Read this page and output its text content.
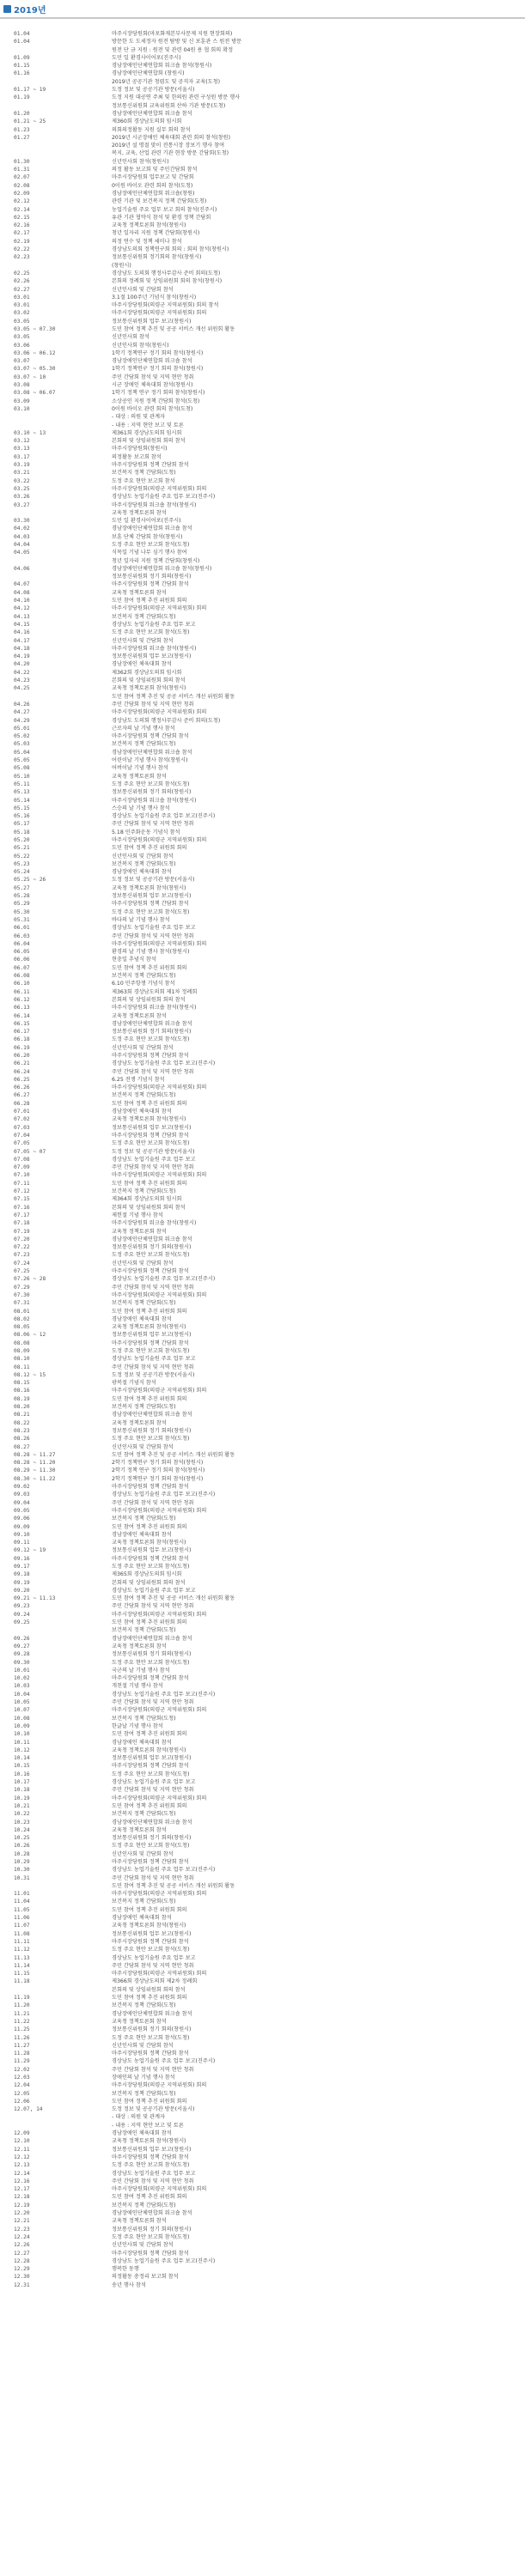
2019년
01.04	마주시장당원회(마포화재본부사문제 지원 현장회의)
01.04	방문한 도 도세정자 원전 탐방 및 신 보훈관 스 원전 방문
원전 단 금 지원 : 원전 및 관련 04원 용 협 회의 확정
01.09	도민 일 환경사이어포(진주시)
01.15	경남장애인단체연합회 워크숍 참석(창원시)
01.16	경남장애인단체연합회 (창원시)
2019년 공공기관 청렴도 및 공직자 교육(도청)
01.17 ~ 19	도정 정보 및 공공기관 방문(서울시)
01.19	도정 지원 대공연 주최 및 한의원 관련 구성원 방문 행사
정보통신위원회 교육위원회 산하 기관 방문(도청)
01.20	경남장애인단체연합회 워크숍 참석
01.21 ~ 25	제360회 경상남도의회 임시회
01.23	의회의정활동 지원 실무 회의 참석
01.27	2019년 시군장애인 체육대회 관련 회의 참석(창원)
2019년 설 명절 맞이 전통시장 장보기 행사 참여
복지, 교육, 산업 관련 기관 현장 방문 간담회(도청)
01.30	신년인사회 참석(창원시)
01.31	의정 활동 보고회 및 주민간담회 참석
02.07	마주시장당원회 업무보고 및 간담회
02.08	0이원 바이오 관련 회의 참석(도청)
02.09	경남장애인단체연합회 워크숍(창원)
02.12	관련 기관 및 보건복지 정책 간담회(도청)
02.14	농업기술원 주요 업무 보고 회의 참석(진주시)
02.15	유관 기관 협약식 참석 및 환경 정책 간담회
02.16	교육청 정책토론회 참석(창원시)
02.17	청년 일자리 지원 정책 간담회(창원시)
02.19	의정 연수 및 정책 세미나 참석
02.22	경상남도의회 정책연구회 회의 : 회의 참석(창원시)
02.23	정보통신위원회 정기회의 참석(창원시)
(창원시)
02.25	경상남도 도의회 행정사무감사 준비 회의(도청)
02.26	본회의 정례회 및 상임위원회 회의 참석(창원시)
02.27	신년인사회 및 간담회 참석
03.01	3.1절 100주년 기념식 참석(창원시)
03.01	마주시장당원회(의령군 지역위원회) 회의 참석
03.02	마주시장당원회(의령군 지역위원회) 회의
03.05	정보통신위원회 업무 보고(창원시)
03.05 ~ 07.30	도민 참여 정책 추진 및 공공 서비스 개선 위원회 활동
03.05	신년인사회 참석
03.06	신년인사회 참석(창원시)
03.06 ~ 06.12	1학기 정책연구 정기 회의 참석(창원시)
03.07	경남장애인단체연합회 워크숍 참석
03.07 ~ 05.30	1학기 정책연구 정기 회의 참석(창원시)
03.07 ~ 10	주민 간담회 참석 및 지역 현안 청취
03.08	시군 장애인 체육대회 참석(창원시)
03.08 ~ 06.07	1학기 정책 연구 정기 회의 참석(창원시)
03.09	소상공인 지원 정책 간담회 참석(도청)
03.10	0이원 바이오 관련 회의 참석(도청)
- 대상 : 의원 및 관계자
- 내용 : 지역 현안 보고 및 토론
03.10 ~ 13	제361회 경상남도의회 임시회
03.12	본회의 및 상임위원회 회의 참석
03.13	마주시장당원회(창원시)
03.17	의정활동 보고회 참석
03.19	마주시장당원회 정책 간담회 참석
03.21	보건복지 정책 간담회(도청)
03.22	도정 주요 현안 보고회 참석
03.25	마주시장당원회(의령군 지역위원회) 회의
03.26	경상남도 농업기술원 주요 업무 보고(진주시)
03.27	마주시장당원회 워크숍 참석(창원시)
교육청 정책토론회 참석
03.30	도민 일 환경사이어포(진주시)
04.02	경남장애인단체연합회 워크숍 참석
04.03	보훈 단체 간담회 참석(창원시)
04.04	도정 주요 현안 보고회 참석(도청)
04.05	식목일 기념 나무 심기 행사 참여
청년 일자리 지원 정책 간담회(창원시)
04.06	경남장애인단체연합회 워크숍 참석(창원시)
정보통신위원회 정기 회의(창원시)
04.07	마주시장당원회 정책 간담회 참석
04.08	교육청 정책토론회 참석
04.10	도민 참여 정책 추진 위원회 회의
04.12	마주시장당원회(의령군 지역위원회) 회의
04.13	보건복지 정책 간담회(도청)
04.15	경상남도 농업기술원 주요 업무 보고
04.16	도정 주요 현안 보고회 참석(도청)
04.17	신년인사회 및 간담회 참석
04.18	마주시장당원회 워크숍 참석(창원시)
04.19	정보통신위원회 업무 보고(창원시)
04.20	경남장애인 체육대회 참석
04.22	제362회 경상남도의회 임시회
04.23	본회의 및 상임위원회 회의 참석
04.25	교육청 정책토론회 참석(창원시)
도민 참여 정책 추진 및 공공 서비스 개선 위원회 활동
04.26	주민 간담회 참석 및 지역 현안 청취
04.27	마주시장당원회(의령군 지역위원회) 회의
04.29	경상남도 도의회 행정사무감사 준비 회의(도청)
05.01	근로자의 날 기념 행사 참석
05.02	마주시장당원회 정책 간담회 참석
05.03	보건복지 정책 간담회(도청)
05.04	경남장애인단체연합회 워크숍 참석
05.05	어린이날 기념 행사 참석(창원시)
05.08	어버이날 기념 행사 참석
05.10	교육청 정책토론회 참석
05.11	도정 주요 현안 보고회 참석(도청)
05.13	정보통신위원회 정기 회의(창원시)
05.14	마주시장당원회 워크숍 참석(창원시)
05.15	스승의 날 기념 행사 참석
05.16	경상남도 농업기술원 주요 업무 보고(진주시)
05.17	주민 간담회 참석 및 지역 현안 청취
05.18	5.18 민주화운동 기념식 참석
05.20	마주시장당원회(의령군 지역위원회) 회의
05.21	도민 참여 정책 추진 위원회 회의
05.22	신년인사회 및 간담회 참석
05.23	보건복지 정책 간담회(도청)
05.24	경남장애인 체육대회 참석
05.25 ~ 26	도정 정보 및 공공기관 방문(서울시)
05.27	교육청 정책토론회 참석(창원시)
05.28	정보통신위원회 업무 보고(창원시)
05.29	마주시장당원회 정책 간담회 참석
05.30	도정 주요 현안 보고회 참석(도청)
05.31	바다의 날 기념 행사 참석
06.01	경상남도 농업기술원 주요 업무 보고
06.03	주민 간담회 참석 및 지역 현안 청취
06.04	마주시장당원회(의령군 지역위원회) 회의
06.05	환경의 날 기념 행사 참석(창원시)
06.06	현충일 추념식 참석
06.07	도민 참여 정책 추진 위원회 회의
06.08	보건복지 정책 간담회(도청)
06.10	6.10 민주항쟁 기념식 참석
06.11	제363회 경상남도의회 제1차 정례회
06.12	본회의 및 상임위원회 회의 참석
06.13	마주시장당원회 워크숍 참석(창원시)
06.14	교육청 정책토론회 참석
06.15	경남장애인단체연합회 워크숍 참석
06.17	정보통신위원회 정기 회의(창원시)
06.18	도정 주요 현안 보고회 참석(도청)
06.19	신년인사회 및 간담회 참석
06.20	마주시장당원회 정책 간담회 참석
06.21	경상남도 농업기술원 주요 업무 보고(진주시)
06.24	주민 간담회 참석 및 지역 현안 청취
06.25	6.25 전쟁 기념식 참석
06.26	마주시장당원회(의령군 지역위원회) 회의
06.27	보건복지 정책 간담회(도청)
06.28	도민 참여 정책 추진 위원회 회의
07.01	경남장애인 체육대회 참석
07.02	교육청 정책토론회 참석(창원시)
07.03	정보통신위원회 업무 보고(창원시)
07.04	마주시장당원회 정책 간담회 참석
07.05	도정 주요 현안 보고회 참석(도청)
07.05 ~ 07	도정 정보 및 공공기관 방문(서울시)
07.08	경상남도 농업기술원 주요 업무 보고
07.09	주민 간담회 참석 및 지역 현안 청취
07.10	마주시장당원회(의령군 지역위원회) 회의
07.11	도민 참여 정책 추진 위원회 회의
07.12	보건복지 정책 간담회(도청)
07.15	제364회 경상남도의회 임시회
07.16	본회의 및 상임위원회 회의 참석
07.17	제헌절 기념 행사 참석
07.18	마주시장당원회 워크숍 참석(창원시)
07.19	교육청 정책토론회 참석
07.20	경남장애인단체연합회 워크숍 참석
07.22	정보통신위원회 정기 회의(창원시)
07.23	도정 주요 현안 보고회 참석(도청)
07.24	신년인사회 및 간담회 참석
07.25	마주시장당원회 정책 간담회 참석
07.26 ~ 28	경상남도 농업기술원 주요 업무 보고(진주시)
07.29	주민 간담회 참석 및 지역 현안 청취
07.30	마주시장당원회(의령군 지역위원회) 회의
07.31	보건복지 정책 간담회(도청)
08.01	도민 참여 정책 추진 위원회 회의
08.02	경남장애인 체육대회 참석
08.05	교육청 정책토론회 참석(창원시)
08.06 ~ 12	정보통신위원회 업무 보고(창원시)
08.08	마주시장당원회 정책 간담회 참석
08.09	도정 주요 현안 보고회 참석(도청)
08.10	경상남도 농업기술원 주요 업무 보고
08.11	주민 간담회 참석 및 지역 현안 청취
08.12 ~ 15	도정 정보 및 공공기관 방문(서울시)
08.15	광복절 기념식 참석
08.16	마주시장당원회(의령군 지역위원회) 회의
08.19	도민 참여 정책 추진 위원회 회의
08.20	보건복지 정책 간담회(도청)
08.21	경남장애인단체연합회 워크숍 참석
08.22	교육청 정책토론회 참석
08.23	정보통신위원회 정기 회의(창원시)
08.26	도정 주요 현안 보고회 참석(도청)
08.27	신년인사회 및 간담회 참석
08.28 ~ 11.27	도민 참여 정책 추진 및 공공 서비스 개선 위원회 활동
08.28 ~ 11.20	2학기 정책연구 정기 회의 참석(창원시)
08.29 ~ 11.30	2학기 정책 연구 정기 회의 참석(창원시)
08.30 ~ 11.22	2학기 정책연구 정기 회의 참석(창원시)
09.02	마주시장당원회 정책 간담회 참석
09.03	경상남도 농업기술원 주요 업무 보고(진주시)
09.04	주민 간담회 참석 및 지역 현안 청취
09.05	마주시장당원회(의령군 지역위원회) 회의
09.06	보건복지 정책 간담회(도청)
09.09	도민 참여 정책 추진 위원회 회의
09.10	경남장애인 체육대회 참석
09.11	교육청 정책토론회 참석(창원시)
09.12 ~ 19	정보통신위원회 업무 보고(창원시)
09.16	마주시장당원회 정책 간담회 참석
09.17	도정 주요 현안 보고회 참석(도청)
09.18	제365회 경상남도의회 임시회
09.19	본회의 및 상임위원회 회의 참석
09.20	경상남도 농업기술원 주요 업무 보고
09.21 ~ 11.13	도민 참여 정책 추진 및 공공 서비스 개선 위원회 활동
09.23	주민 간담회 참석 및 지역 현안 청취
09.24	마주시장당원회(의령군 지역위원회) 회의
09.25	도민 참여 정책 추진 위원회 회의
보건복지 정책 간담회(도청)
09.26	경남장애인단체연합회 워크숍 참석
09.27	교육청 정책토론회 참석
09.28	정보통신위원회 정기 회의(창원시)
09.30	도정 주요 현안 보고회 참석(도청)
10.01	국군의 날 기념 행사 참석
10.02	마주시장당원회 정책 간담회 참석
10.03	개천절 기념 행사 참석
10.04	경상남도 농업기술원 주요 업무 보고(진주시)
10.05	주민 간담회 참석 및 지역 현안 청취
10.07	마주시장당원회(의령군 지역위원회) 회의
10.08	보건복지 정책 간담회(도청)
10.09	한글날 기념 행사 참석
10.10	도민 참여 정책 추진 위원회 회의
10.11	경남장애인 체육대회 참석
10.12	교육청 정책토론회 참석(창원시)
10.14	정보통신위원회 업무 보고(창원시)
10.15	마주시장당원회 정책 간담회 참석
10.16	도정 주요 현안 보고회 참석(도청)
10.17	경상남도 농업기술원 주요 업무 보고
10.18	주민 간담회 참석 및 지역 현안 청취
10.19	마주시장당원회(의령군 지역위원회) 회의
10.21	도민 참여 정책 추진 위원회 회의
10.22	보건복지 정책 간담회(도청)
10.23	경남장애인단체연합회 워크숍 참석
10.24	교육청 정책토론회 참석
10.25	정보통신위원회 정기 회의(창원시)
10.26	도정 주요 현안 보고회 참석(도청)
10.28	신년인사회 및 간담회 참석
10.29	마주시장당원회 정책 간담회 참석
10.30	경상남도 농업기술원 주요 업무 보고(진주시)
10.31	주민 간담회 참석 및 지역 현안 청취
도민 참여 정책 추진 및 공공 서비스 개선 위원회 활동
11.01	마주시장당원회(의령군 지역위원회) 회의
11.04	보건복지 정책 간담회(도청)
11.05	도민 참여 정책 추진 위원회 회의
11.06	경남장애인 체육대회 참석
11.07	교육청 정책토론회 참석(창원시)
11.08	정보통신위원회 업무 보고(창원시)
11.11	마주시장당원회 정책 간담회 참석
11.12	도정 주요 현안 보고회 참석(도청)
11.13	경상남도 농업기술원 주요 업무 보고
11.14	주민 간담회 참석 및 지역 현안 청취
11.15	마주시장당원회(의령군 지역위원회) 회의
11.18	제366회 경상남도의회 제2차 정례회
본회의 및 상임위원회 회의 참석
11.19	도민 참여 정책 추진 위원회 회의
11.20	보건복지 정책 간담회(도청)
11.21	경남장애인단체연합회 워크숍 참석
11.22	교육청 정책토론회 참석
11.25	정보통신위원회 정기 회의(창원시)
11.26	도정 주요 현안 보고회 참석(도청)
11.27	신년인사회 및 간담회 참석
11.28	마주시장당원회 정책 간담회 참석
11.29	경상남도 농업기술원 주요 업무 보고(진주시)
12.02	주민 간담회 참석 및 지역 현안 청취
12.03	장애인의 날 기념 행사 참석
12.04	마주시장당원회(의령군 지역위원회) 회의
12.05	보건복지 정책 간담회(도청)
12.06	도민 참여 정책 추진 위원회 회의
12.07, 14	도정 정보 및 공공기관 방문(서울시)
- 대상 : 의원 및 관계자
- 내용 : 지역 현안 보고 및 토론
12.09	경남장애인 체육대회 참석
12.10	교육청 정책토론회 참석(창원시)
12.11	정보통신위원회 업무 보고(창원시)
12.12	마주시장당원회 정책 간담회 참석
12.13	도정 주요 현안 보고회 참석(도청)
12.14	경상남도 농업기술원 주요 업무 보고
12.16	주민 간담회 참석 및 지역 현안 청취
12.17	마주시장당원회(의령군 지역위원회) 회의
12.18	도민 참여 정책 추진 위원회 회의
12.19	보건복지 정책 간담회(도청)
12.20	경남장애인단체연합회 워크숍 참석
12.21	교육청 정책토론회 참석
12.23	정보통신위원회 정기 회의(창원시)
12.24	도정 주요 현안 보고회 참석(도청)
12.26	신년인사회 및 간담회 참석
12.27	마주시장당원회 정책 간담회 참석
12.28	경상남도 농업기술원 주요 업무 보고(진주시)
12.29	행복한 동행
12.30	의정활동 총정리 보고회 참석
12.31	송년 행사 참석
